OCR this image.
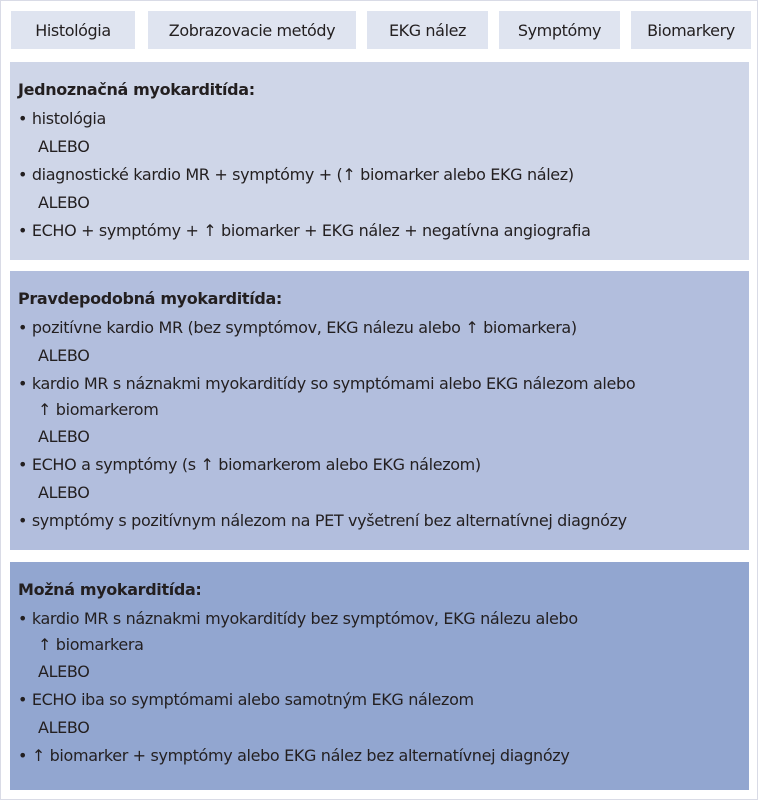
Histológia	Zobrazovacie metódy	EKG nález	Symptómy	Biomarkery
Jednoznačná myokarditída:
• histológia
ALEBO
• diagnostické kardio MR + symptómy + (↑ biomarker alebo EKG nález)
ALEBO
• ECHO + symptómy + ↑ biomarker + EKG nález + negatívna angiografia
Pravdepodobná myokarditída:
• pozitívne kardio MR (bez symptómov, EKG nálezu alebo ↑ biomarkera)
ALEBO
• kardio MR s náznakmi myokarditídy so symptómami alebo EKG nálezom alebo
↑ biomarkerom
ALEBO
• ECHO a symptómy (s ↑ biomarkerom alebo EKG nálezom)
ALEBO
• symptómy s pozitívnym nálezom na PET vyšetrení bez alternatívnej diagnózy
Možná myokarditída:
• kardio MR s náznakmi myokarditídy bez symptómov, EKG nálezu alebo
↑ biomarkera
ALEBO
• ECHO iba so symptómami alebo samotným EKG nálezom
ALEBO
• ↑ biomarker + symptómy alebo EKG nález bez alternatívnej diagnózy
